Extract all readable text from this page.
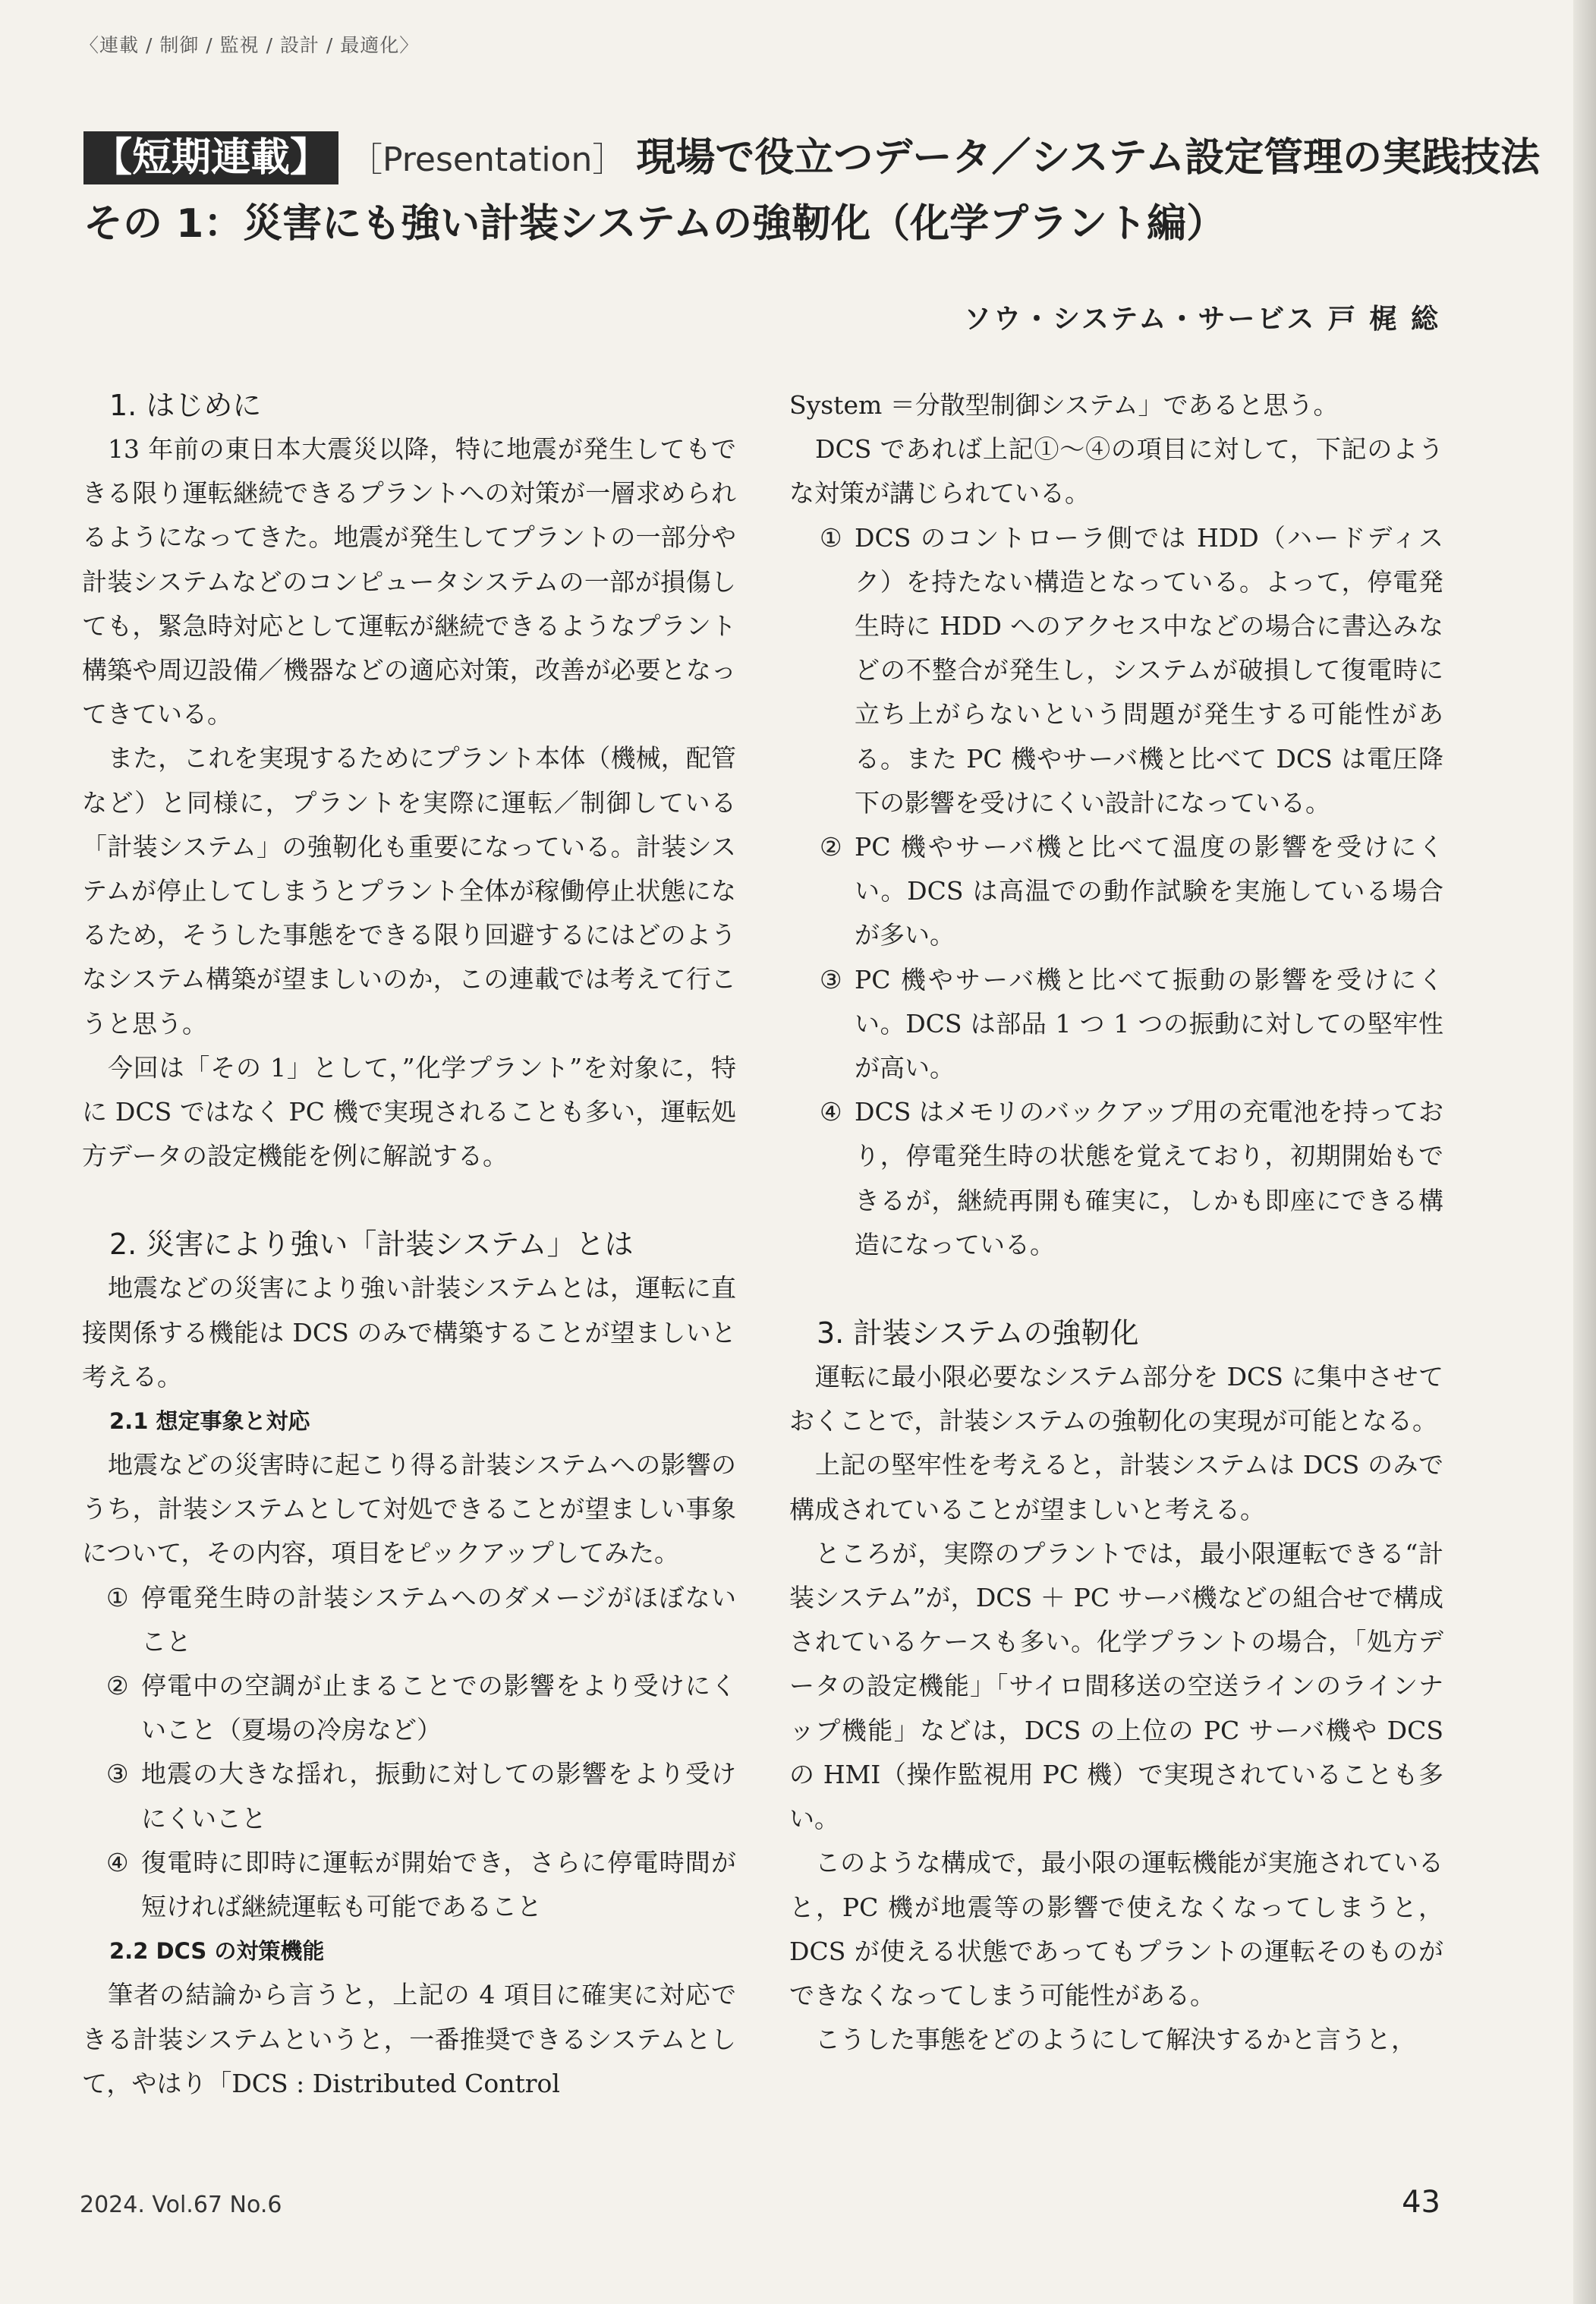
〈連載 / 制御 / 監視 / 設計 / 最適化〉
【短期連載】 ［Presentation］ 現場で役立つデータ／システム設定管理の実践技法
その 1：災害にも強い計装システムの強靭化（化学プラント編）
ソウ・システム・サービス 戸 梶 総
1. はじめに

13 年前の東日本大震災以降，特に地震が発生してもできる限り運転継続できるプラントへの対策が一層求められるようになってきた。地震が発生してプラントの一部分や計装システムなどのコンピュータシステムの一部が損傷しても，緊急時対応として運転が継続できるようなプラント構築や周辺設備／機器などの適応対策，改善が必要となってきている。

また，これを実現するためにプラント本体（機械，配管など）と同様に，プラントを実際に運転／制御している「計装システム」の強靭化も重要になっている。計装システムが停止してしまうとプラント全体が稼働停止状態になるため，そうした事態をできる限り回避するにはどのようなシステム構築が望ましいのか，この連載では考えて行こうと思う。

今回は「その 1」として，”化学プラント”を対象に，特に DCS ではなく PC 機で実現されることも多い，運転処方データの設定機能を例に解説する。

2. 災害により強い「計装システム」とは

地震などの災害により強い計装システムとは，運転に直接関係する機能は DCS のみで構築することが望ましいと考える。

2.1 想定事象と対応

地震などの災害時に起こり得る計装システムへの影響のうち，計装システムとして対処できることが望ましい事象について，その内容，項目をピックアップしてみた。

① 停電発生時の計装システムへのダメージがほぼないこと
② 停電中の空調が止まることでの影響をより受けにくいこと（夏場の冷房など）
③ 地震の大きな揺れ，振動に対しての影響をより受けにくいこと
④ 復電時に即時に運転が開始でき，さらに停電時間が短ければ継続運転も可能であること
2.2 DCS の対策機能

筆者の結論から言うと，上記の 4 項目に確実に対応できる計装システムというと，一番推奨できるシステムとして，やはり「DCS : Distributed Control

System ＝分散型制御システム」であると思う。

DCS であれば上記①～④の項目に対して，下記のような対策が講じられている。

① DCS のコントローラ側では HDD（ハードディスク）を持たない構造となっている。よって，停電発生時に HDD へのアクセス中などの場合に書込みなどの不整合が発生し，システムが破損して復電時に立ち上がらないという問題が発生する可能性がある。また PC 機やサーバ機と比べて DCS は電圧降下の影響を受けにくい設計になっている。
② PC 機やサーバ機と比べて温度の影響を受けにくい。DCS は高温での動作試験を実施している場合が多い。
③ PC 機やサーバ機と比べて振動の影響を受けにくい。DCS は部品 1 つ 1 つの振動に対しての堅牢性が高い。
④ DCS はメモリのバックアップ用の充電池を持っており，停電発生時の状態を覚えており，初期開始もできるが，継続再開も確実に，しかも即座にできる構造になっている。
3. 計装システムの強靭化

運転に最小限必要なシステム部分を DCS に集中させておくことで，計装システムの強靭化の実現が可能となる。

上記の堅牢性を考えると，計装システムは DCS のみで構成されていることが望ましいと考える。

ところが，実際のプラントでは，最小限運転できる“計装システム”が，DCS ＋ PC サーバ機などの組合せで構成されているケースも多い。化学プラントの場合，「処方データの設定機能」「サイロ間移送の空送ラインのラインナップ機能」などは，DCS の上位の PC サーバ機や DCS の HMI（操作監視用 PC 機）で実現されていることも多い。

このような構成で，最小限の運転機能が実施されていると，PC 機が地震等の影響で使えなくなってしまうと，DCS が使える状態であってもプラントの運転そのものができなくなってしまう可能性がある。

こうした事態をどのようにして解決するかと言うと，

2024. Vol.67 No.6	43
